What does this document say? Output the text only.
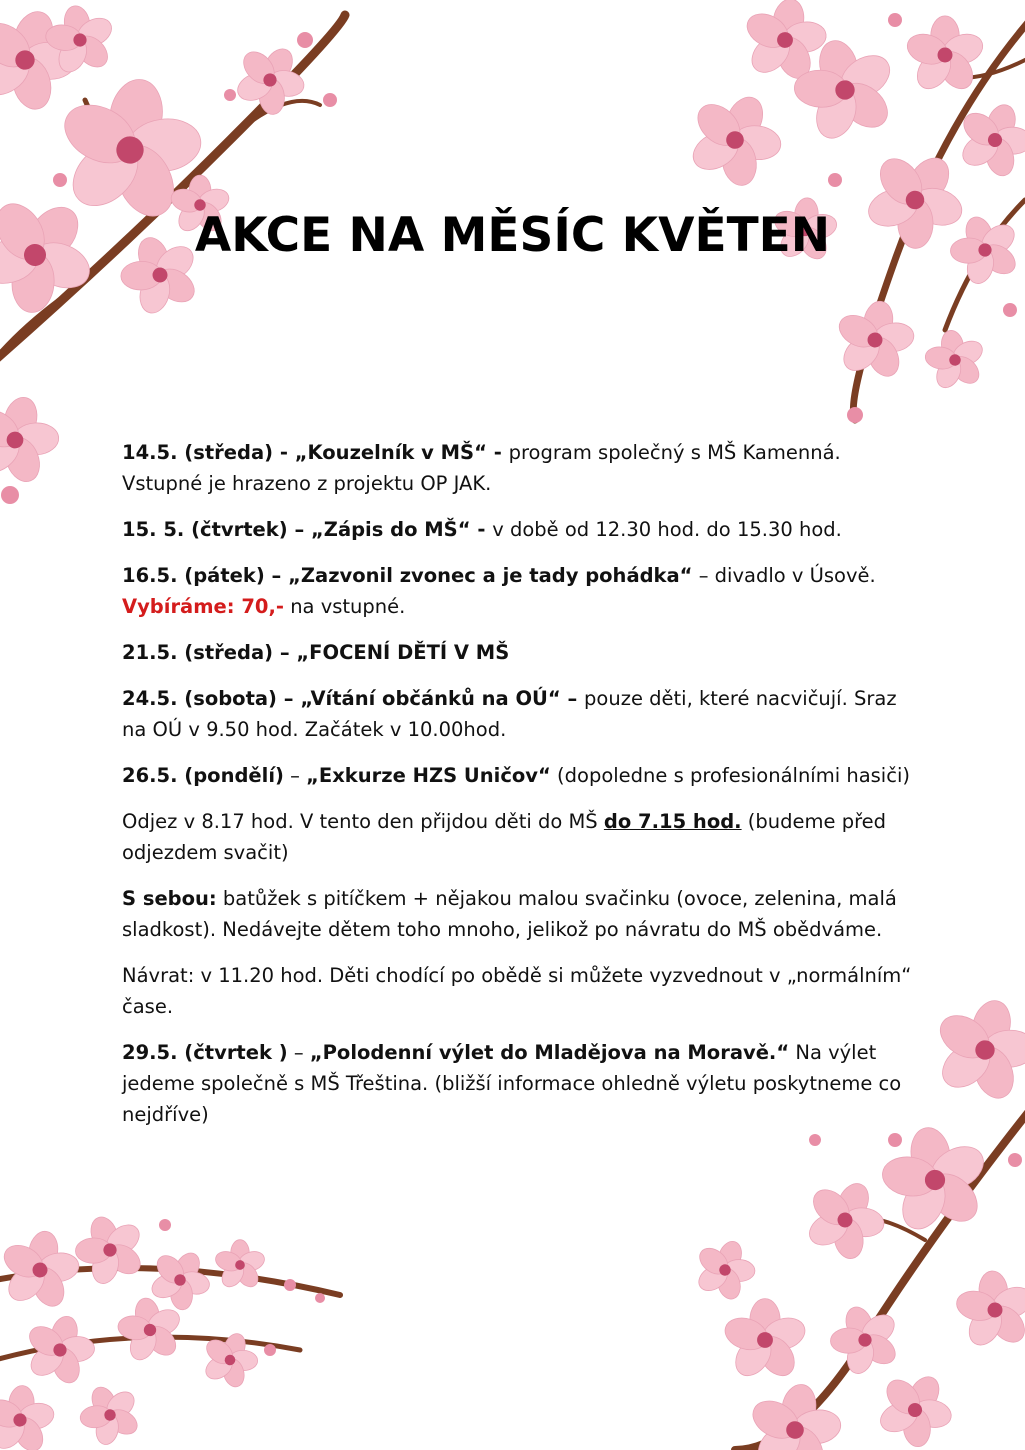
AKCE NA MĚSÍC KVĚTEN

14.5. (středa) - „Kouzelník v MŠ“ - program společný s MŠ Kamenná. Vstupné je hrazeno z projektu OP JAK.

15. 5. (čtvrtek) – „Zápis do MŠ“ - v době od 12.30 hod. do 15.30 hod.

16.5. (pátek) – „Zazvonil zvonec a je tady pohádka“ – divadlo v Úsově.
Vybíráme: 70,- na vstupné.

21.5. (středa) – „FOCENÍ DĚTÍ V MŠ

24.5. (sobota) – „Vítání občánků na OÚ“ – pouze děti, které nacvičují. Sraz na OÚ v 9.50 hod. Začátek v 10.00hod.

26.5. (pondělí) – „Exkurze HZS Uničov“ (dopoledne s profesionálními hasiči)

Odjez v 8.17 hod. V tento den přijdou děti do MŠ do 7.15 hod. (budeme před odjezdem svačit)

S sebou: batůžek s pitíčkem + nějakou malou svačinku (ovoce, zelenina, malá sladkost). Nedávejte dětem toho mnoho, jelikož po návratu do MŠ obědváme.

Návrat: v 11.20 hod. Děti chodící po obědě si můžete vyzvednout v „normálním“ čase.

29.5. (čtvrtek ) – „Polodenní výlet do Mladějova na Moravě.“ Na výlet jedeme společně s MŠ Třeština. (bližší informace ohledně výletu poskytneme co nejdříve)
